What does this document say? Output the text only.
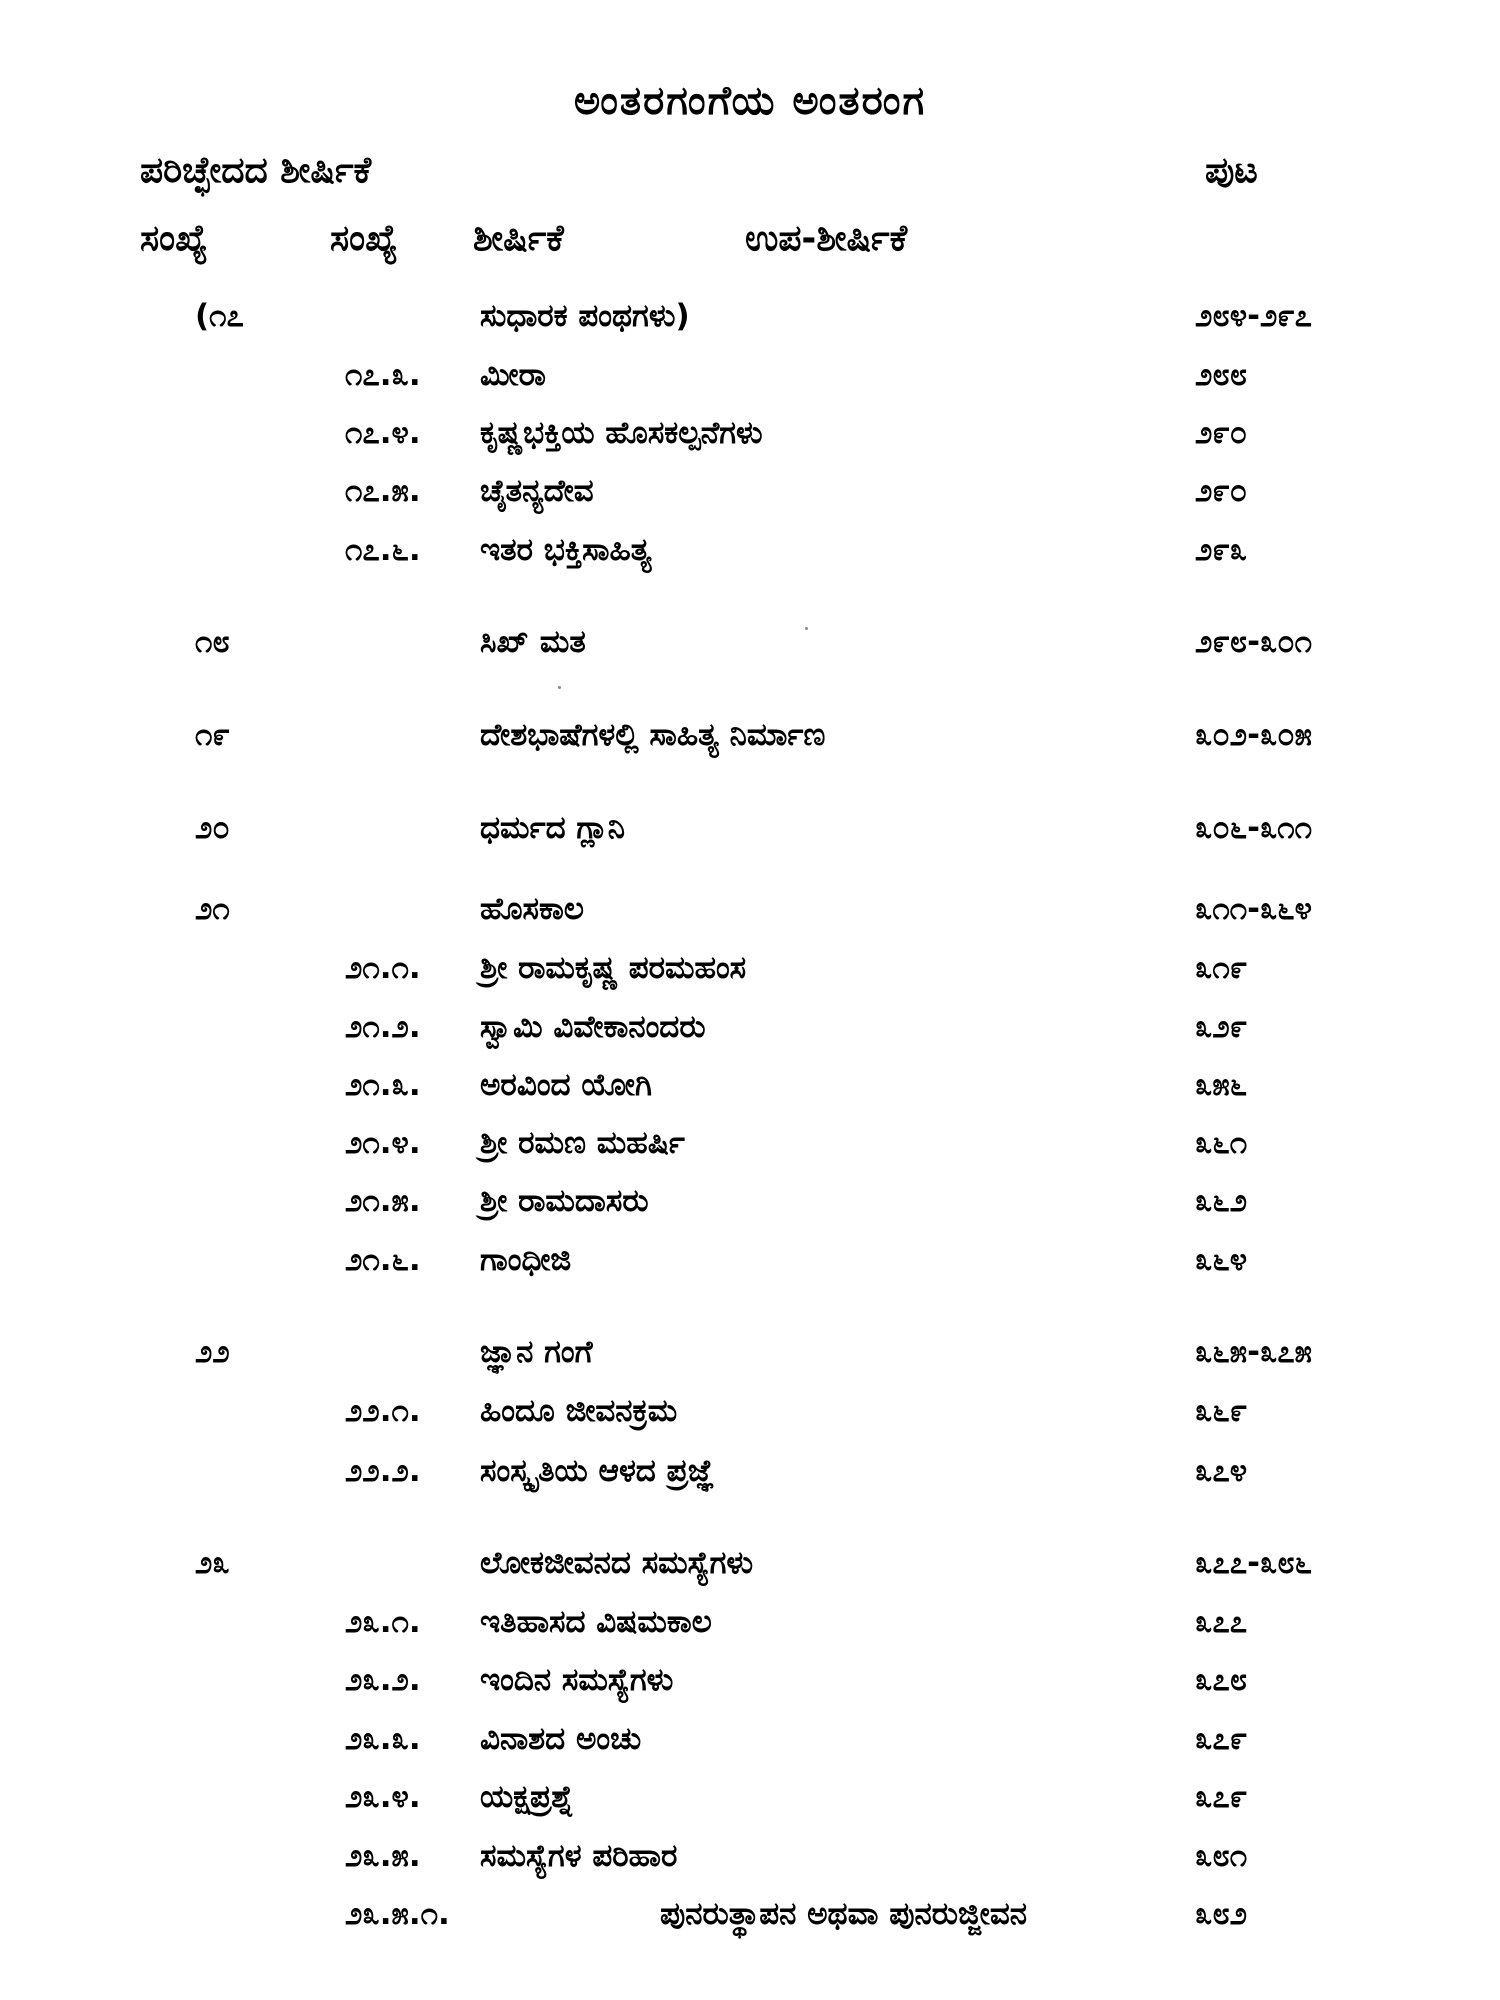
ಅಂತರಗಂಗೆಯ ಅಂತರಂಗ
ಪರಿಚ್ಛೇದದ ಶೀರ್ಷಿಕೆ	ಪುಟ
ಸಂಖ್ಯೆ	ಸಂಖ್ಯೆ ಶೀರ್ಷಿಕೆ	ಉಪ-ಶೀರ್ಷಿಕೆ
(೧೭	ಸುಧಾರಕ ಪಂಥಗಳು)	೨೮೪-೨೯೭
೧೭.೩. ಮೀರಾ	೨೮೮
೧೭.೪. ಕೃಷ್ಣಭಕ್ತಿಯ ಹೊಸಕಲ್ಪನೆಗಳು	೨೯೦
೧೭.೫. ಚೈತನ್ಯದೇವ	೨೯೦
೧೭.೬. ಇತರ ಭಕ್ತಿಸಾಹಿತ್ಯ	೨೯೩
೧೮	ಸಿಖ್ ಮತ	೨೯೮-೩೦೧
೧೯	ದೇಶಭಾಷೆಗಳಲ್ಲಿ ಸಾಹಿತ್ಯ ನಿರ್ಮಾಣ	೩೦೨-೩೦೫
೨೦	ಧರ್ಮದ ಗ್ಲಾನಿ	೩೦೬-೩೧೧
೨೧	ಹೊಸಕಾಲ	೩೧೧-೩೬೪
೨೧.೧. ಶ್ರೀ ರಾಮಕೃಷ್ಣ ಪರಮಹಂಸ	೩೧೯
೨೧.೨. ಸ್ವಾಮಿ ವಿವೇಕಾನಂದರು	೩೨೯
೨೧.೩. ಅರವಿಂದ ಯೋಗಿ	೩೫೬
೨೧.೪. ಶ್ರೀ ರಮಣ ಮಹರ್ಷಿ	೩೬೧
೨೧.೫. ಶ್ರೀ ರಾಮದಾಸರು	೩೬೨
೨೧.೬. ಗಾಂಧೀಜಿ	೩೬೪
೨೨	ಜ್ಞಾನ ಗಂಗೆ	೩೬೫-೩೭೫
೨೨.೧. ಹಿಂದೂ ಜೀವನಕ್ರಮ	೩೬೯
೨೨.೨. ಸಂಸ್ಕೃತಿಯ ಆಳದ ಪ್ರಜ್ಞೆ	೩೭೪
೨೩	ಲೋಕಜೀವನದ ಸಮಸ್ಯೆಗಳು	೩೭೭-೩೮೬
೨೩.೧. ಇತಿಹಾಸದ ವಿಷಮಕಾಲ	೩೭೭
೨೩.೨. ಇಂದಿನ ಸಮಸ್ಯೆಗಳು	೩೭೮
೨೩.೩. ವಿನಾಶದ ಅಂಚು	೩೭೯
೨೩.೪. ಯಕ್ಷಪ್ರಶ್ನೆ	೩೭೯
೨೩.೫. ಸಮಸ್ಯೆಗಳ ಪರಿಹಾರ	೩೮೧
೨೩.೫.೧.	ಪುನರುತ್ಥಾಪನ ಅಥವಾ ಪುನರುಜ್ಜೀವನ	೩೮೨
